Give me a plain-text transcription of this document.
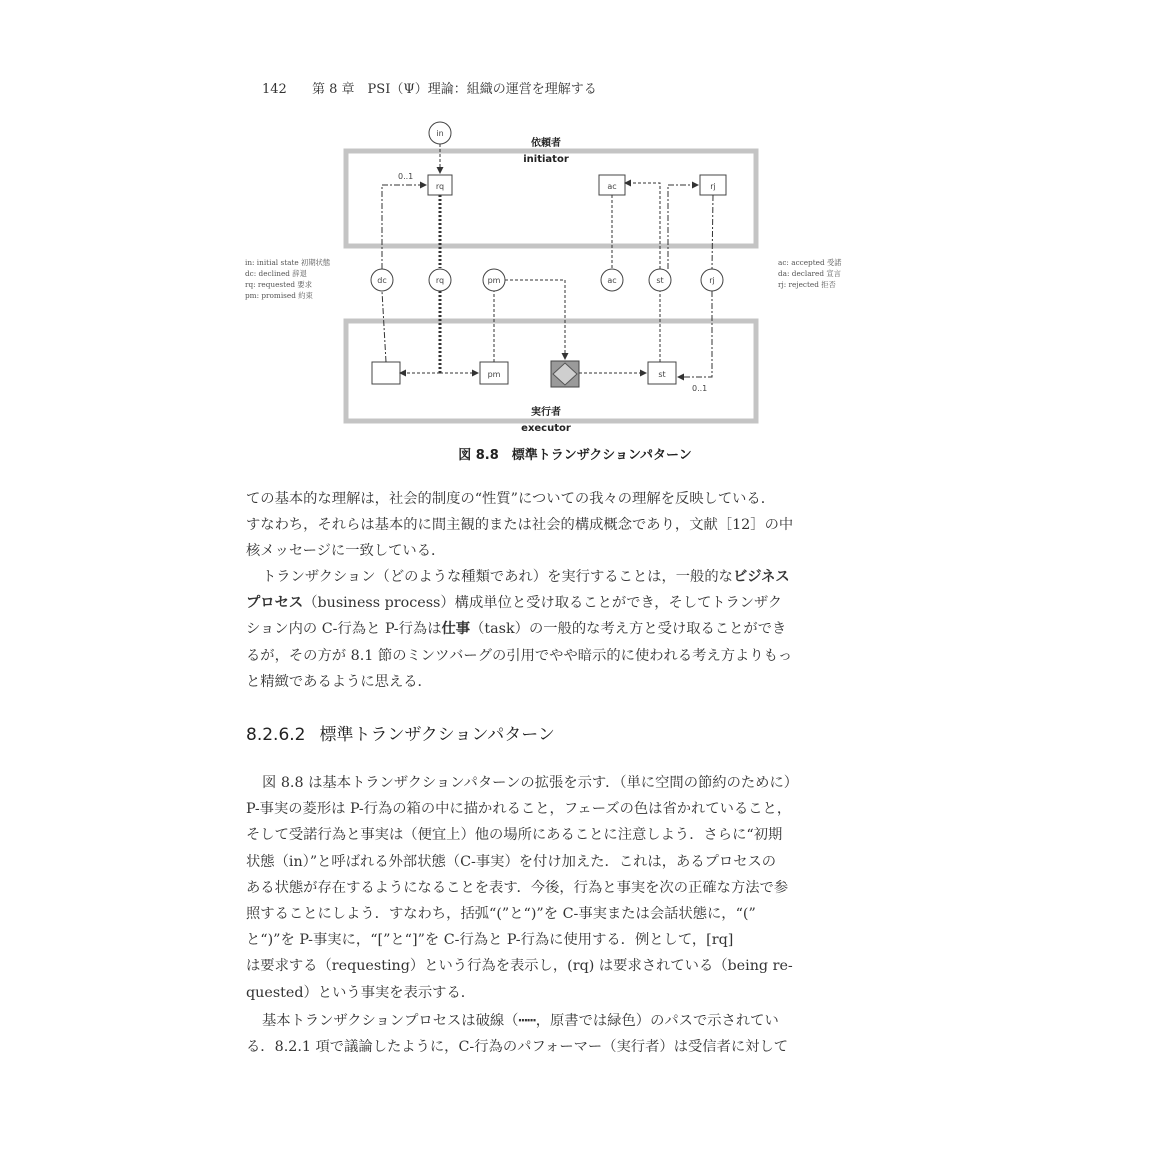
142 第 8 章　PSI（Ψ）理論：組織の運営を理解する
依頼者
initiator
実行者
executor
in
rq	ac	rj
pm	st
dc	rq	pm	ac	st	rj
0..1
0..1
in: initial state 初期状態
dc: declined 辞退
rq: requested 要求
pm: promised 約束
ac: accepted 受諾
da: declared 宣言
rj: rejected 拒否
図 8.8　標準トランザクションパターン
ての基本的な理解は，社会的制度の“性質”についての我々の理解を反映している．
すなわち，それらは基本的に間主観的または社会的構成概念であり，文献［12］の中
核メッセージに一致している．
トランザクション（どのような種類であれ）を実行することは，一般的なビジネス
プロセス（business process）構成単位と受け取ることができ，そしてトランザク
ション内の C-行為と P-行為は仕事（task）の一般的な考え方と受け取ることができ
るが，その方が 8.1 節のミンツバーグの引用でやや暗示的に使われる考え方よりもっ
と精緻であるように思える．
8.2.6.2 標準トランザクションパターン
図 8.8 は基本トランザクションパターンの拡張を示す．（単に空間の節約のために）
P-事実の菱形は P-行為の箱の中に描かれること，フェーズの色は省かれていること，
そして受諾行為と事実は（便宜上）他の場所にあることに注意しよう．さらに“初期
状態（in）”と呼ばれる外部状態（C-事実）を付け加えた．これは，あるプロセスの
ある状態が存在するようになることを表す．今後，行為と事実を次の正確な方法で参
照することにしよう．すなわち，括弧“(”と“)”を C-事実または会話状態に，“(”
と“)”を P-事実に，“[”と“]”を C-行為と P-行為に使用する．例として，[rq]
は要求する（requesting）という行為を表示し，(rq) は要求されている（being re-
quested）という事実を表示する．
基本トランザクションプロセスは破線（┅┅，原書では緑色）のパスで示されてい
る．8.2.1 項で議論したように，C-行為のパフォーマー（実行者）は受信者に対して
